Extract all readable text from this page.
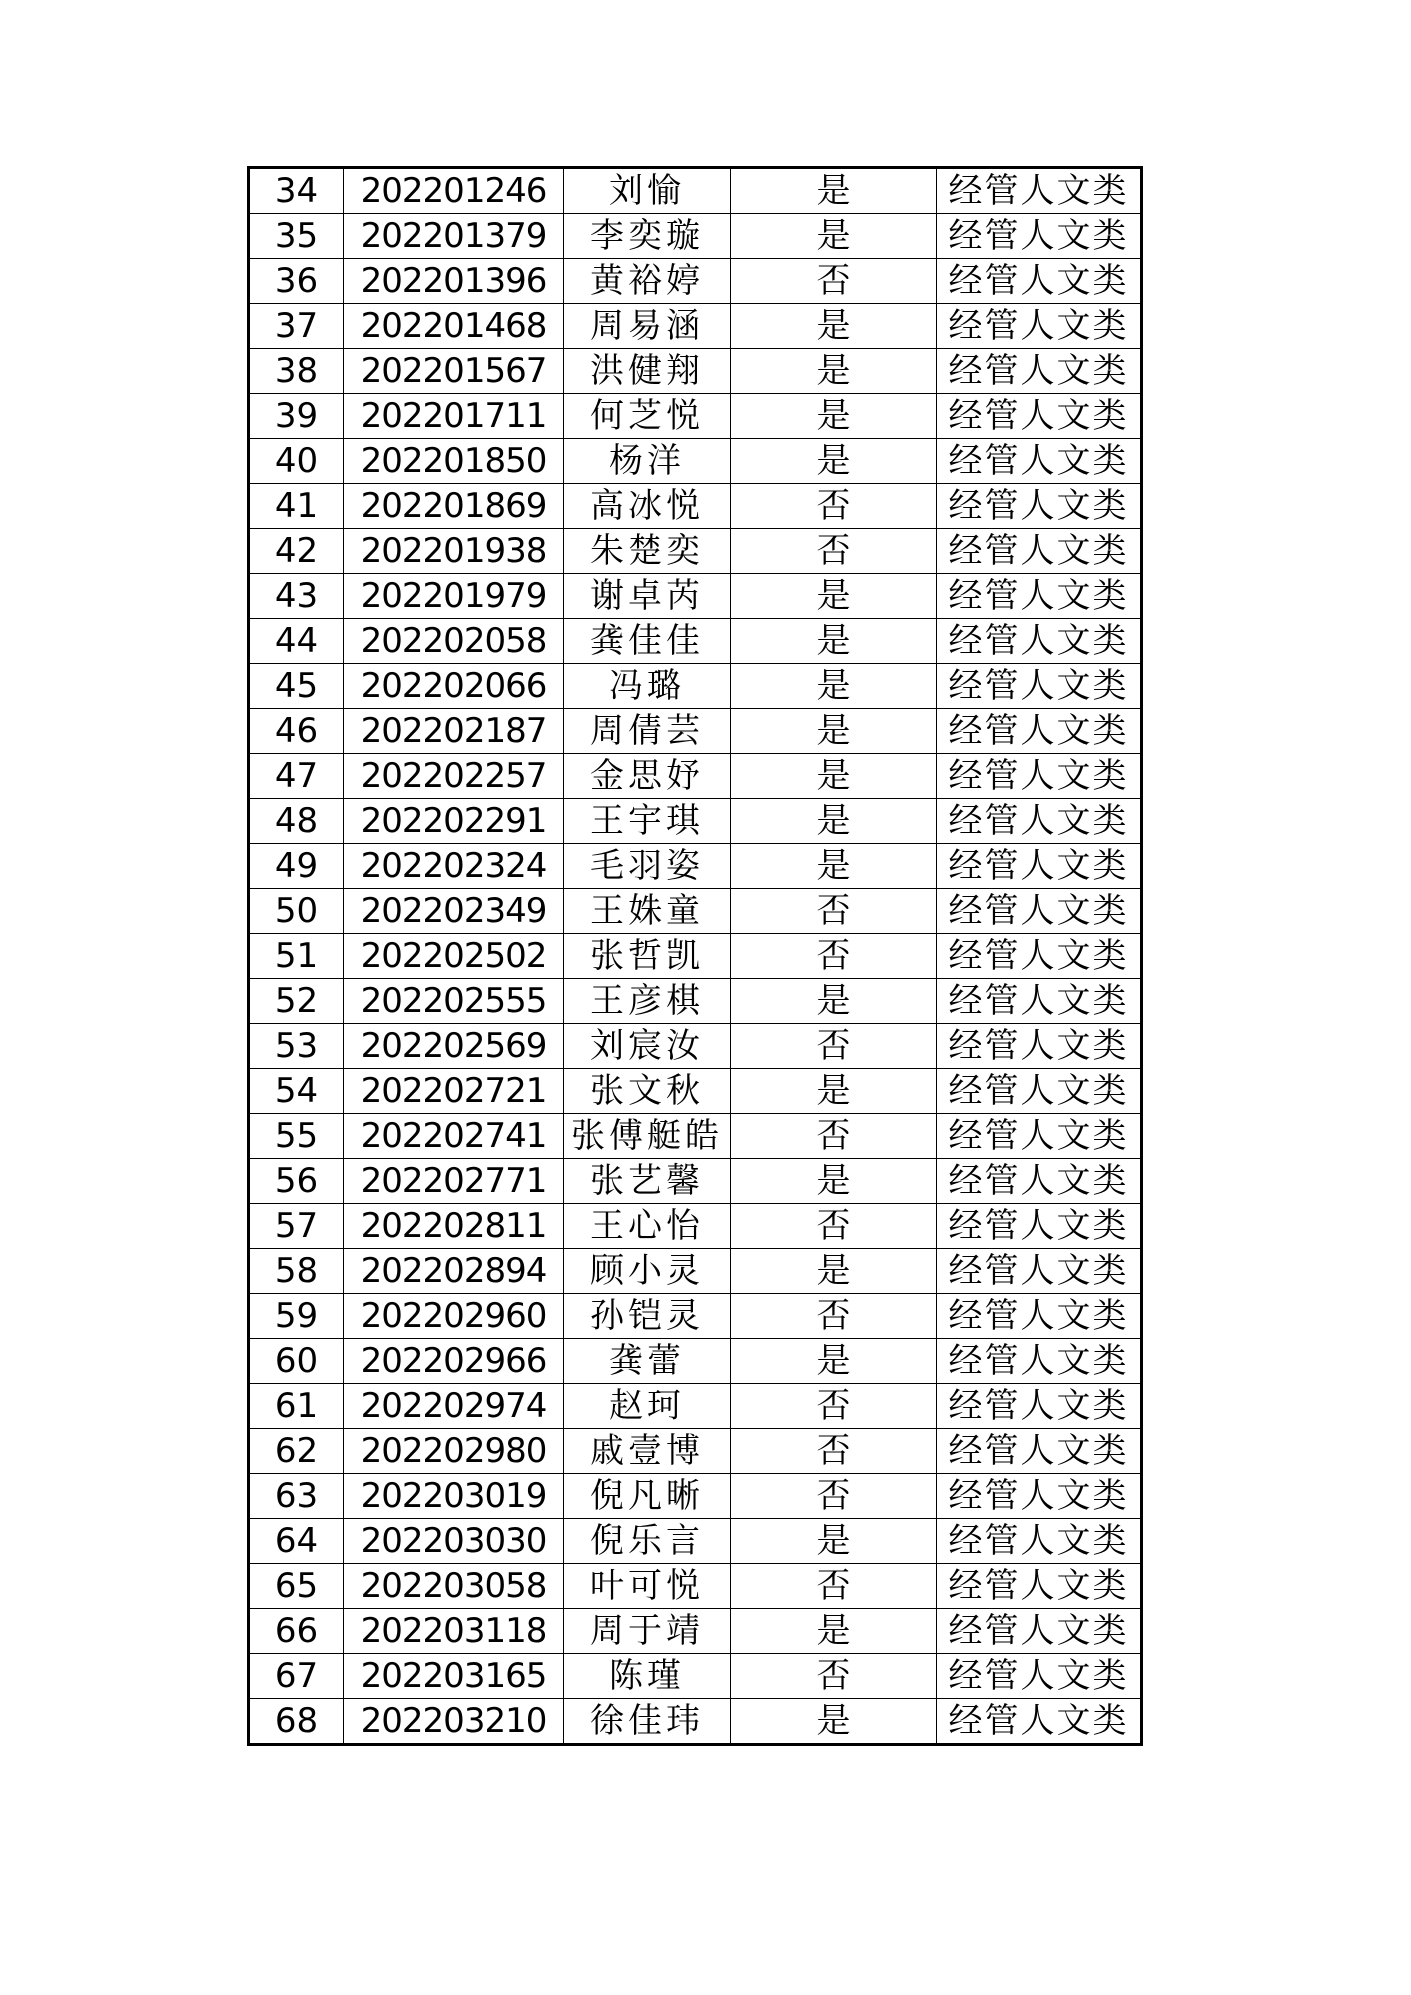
34	202201246	刘愉	是	经管人文类
35	202201379	李奕璇	是	经管人文类
36	202201396	黄裕婷	否	经管人文类
37	202201468	周易涵	是	经管人文类
38	202201567	洪健翔	是	经管人文类
39	202201711	何芝悦	是	经管人文类
40	202201850	杨洋	是	经管人文类
41	202201869	高冰悦	否	经管人文类
42	202201938	朱楚奕	否	经管人文类
43	202201979	谢卓芮	是	经管人文类
44	202202058	龚佳佳	是	经管人文类
45	202202066	冯璐	是	经管人文类
46	202202187	周倩芸	是	经管人文类
47	202202257	金思妤	是	经管人文类
48	202202291	王宇琪	是	经管人文类
49	202202324	毛羽姿	是	经管人文类
50	202202349	王姝童	否	经管人文类
51	202202502	张哲凯	否	经管人文类
52	202202555	王彦棋	是	经管人文类
53	202202569	刘宸汝	否	经管人文类
54	202202721	张文秋	是	经管人文类
55	202202741	张傅艇皓	否	经管人文类
56	202202771	张艺馨	是	经管人文类
57	202202811	王心怡	否	经管人文类
58	202202894	顾小灵	是	经管人文类
59	202202960	孙铠灵	否	经管人文类
60	202202966	龚蕾	是	经管人文类
61	202202974	赵珂	否	经管人文类
62	202202980	戚壹博	否	经管人文类
63	202203019	倪凡晰	否	经管人文类
64	202203030	倪乐言	是	经管人文类
65	202203058	叶可悦	否	经管人文类
66	202203118	周于靖	是	经管人文类
67	202203165	陈瑾	否	经管人文类
68	202203210	徐佳玮	是	经管人文类
